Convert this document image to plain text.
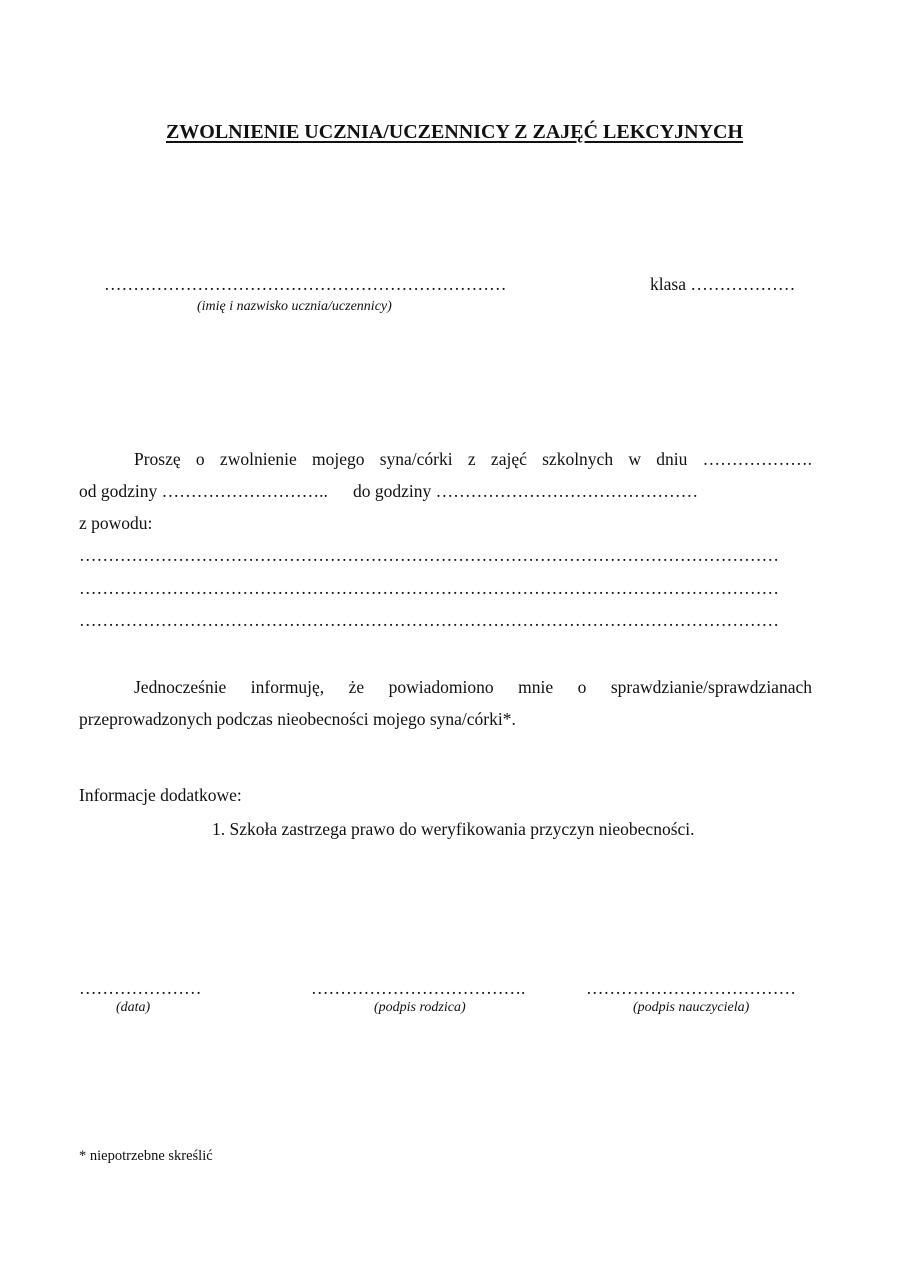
ZWOLNIENIE UCZNIA/UCZENNICY Z ZAJĘĆ LEKCYJNYCH
……………………………………………………………
(imię i nazwisko ucznia/uczennicy)
klasa ………………
Proszę o zwolnienie mojego syna/córki z zajęć szkolnych w dniu ……………….
od godziny ……………………….. do godziny ………………………………………
z powodu:
…………………………………………………………………………………………………………
…………………………………………………………………………………………………………
…………………………………………………………………………………………………………
Jednocześnie informuję, że powiadomiono mnie o sprawdzianie/sprawdzianach
przeprowadzonych podczas nieobecności mojego syna/córki*.
Informacje dodatkowe:
1. Szkoła zastrzega prawo do weryfikowania przyczyn nieobecności.
…………………
(data)
……………………………….
(podpis rodzica)
………………………………
(podpis nauczyciela)
* niepotrzebne skreślić
